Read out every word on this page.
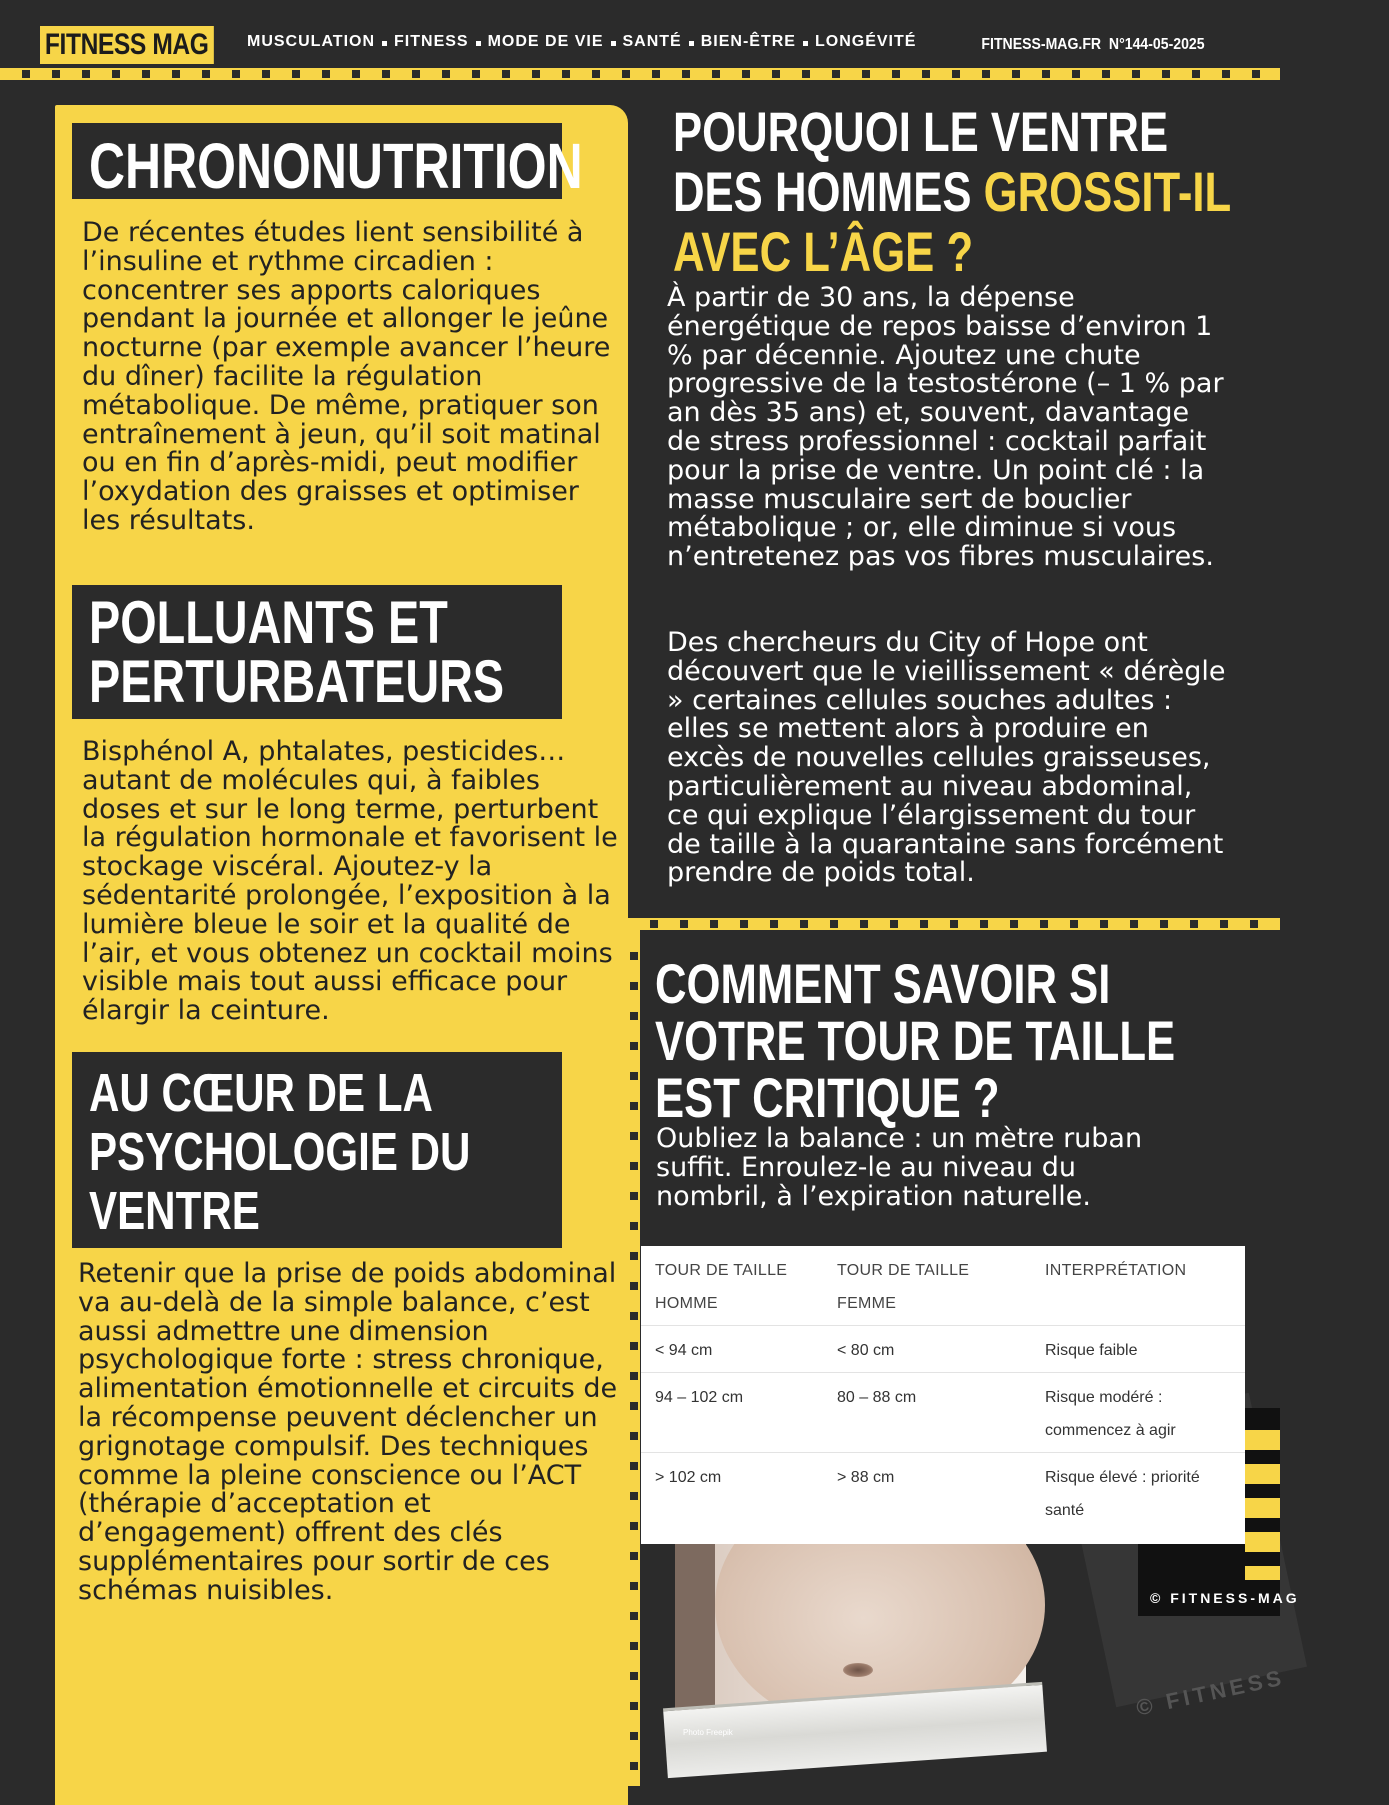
FITNESS MAG	MUSCULATION	FITNESS	MODE DE VIE	SANTÉ	BIEN-ÊTRE	LONGÉVITÉ	FITNESS-MAG.FR N°144-05-2025
CHRONONUTRITION
De récentes études lient sensibilité à l’insuline et rythme circadien : concentrer ses apports caloriques pendant la journée et allonger le jeûne nocturne (par exemple avancer l’heure du dîner) facilite la régulation métabolique. De même, pratiquer son entraînement à jeun, qu’il soit matinal ou en fin d’après-midi, peut modifier l’oxydation des graisses et optimiser les résultats.
POLLUANTS ET
PERTURBATEURS
Bisphénol A, phtalates, pesticides… autant de molécules qui, à faibles doses et sur le long terme, perturbent la régulation hormonale et favorisent le stockage viscéral. Ajoutez-y la sédentarité prolongée, l’exposition à la lumière bleue le soir et la qualité de l’air, et vous obtenez un cocktail moins visible mais tout aussi efficace pour élargir la ceinture.
AU CŒUR DE LA
PSYCHOLOGIE DU
VENTRE
Retenir que la prise de poids abdominal va au-delà de la simple balance, c’est aussi admettre une dimension psychologique forte : stress chronique, alimentation émotionnelle et circuits de la récompense peuvent déclencher un grignotage compulsif. Des techniques comme la pleine conscience ou l’ACT (thérapie d’acceptation et d’engagement) offrent des clés supplémentaires pour sortir de ces schémas nuisibles.
POURQUOI LE VENTRE
DES HOMMES GROSSIT-IL
AVEC L’ÂGE ?
À partir de 30 ans, la dépense énergétique de repos baisse d’environ 1 % par décennie. Ajoutez une chute progressive de la testostérone (– 1 % par an dès 35 ans) et, souvent, davantage de stress professionnel : cocktail parfait pour la prise de ventre. Un point clé : la masse musculaire sert de bouclier métabolique ; or, elle diminue si vous n’entretenez pas vos fibres musculaires.
Des chercheurs du City of Hope ont découvert que le vieillissement « dérègle » certaines cellules souches adultes : elles se mettent alors à produire en excès de nouvelles cellules graisseuses, particulièrement au niveau abdominal, ce qui explique l’élargissement du tour de taille à la quarantaine sans forcément prendre de poids total.
COMMENT SAVOIR SI
VOTRE TOUR DE TAILLE
EST CRITIQUE ?
Oubliez la balance : un mètre ruban suffit. Enroulez-le au niveau du nombril, à l’expiration naturelle.
© FITNESS-MAG
© FITNESS
Photo Freepik
TOUR DE TAILLE HOMME	TOUR DE TAILLE FEMME	INTERPRÉTATION
< 94 cm	< 80 cm	Risque faible
94 – 102 cm	80 – 88 cm	Risque modéré : commencez à agir
> 102 cm	> 88 cm	Risque élevé : priorité santé
